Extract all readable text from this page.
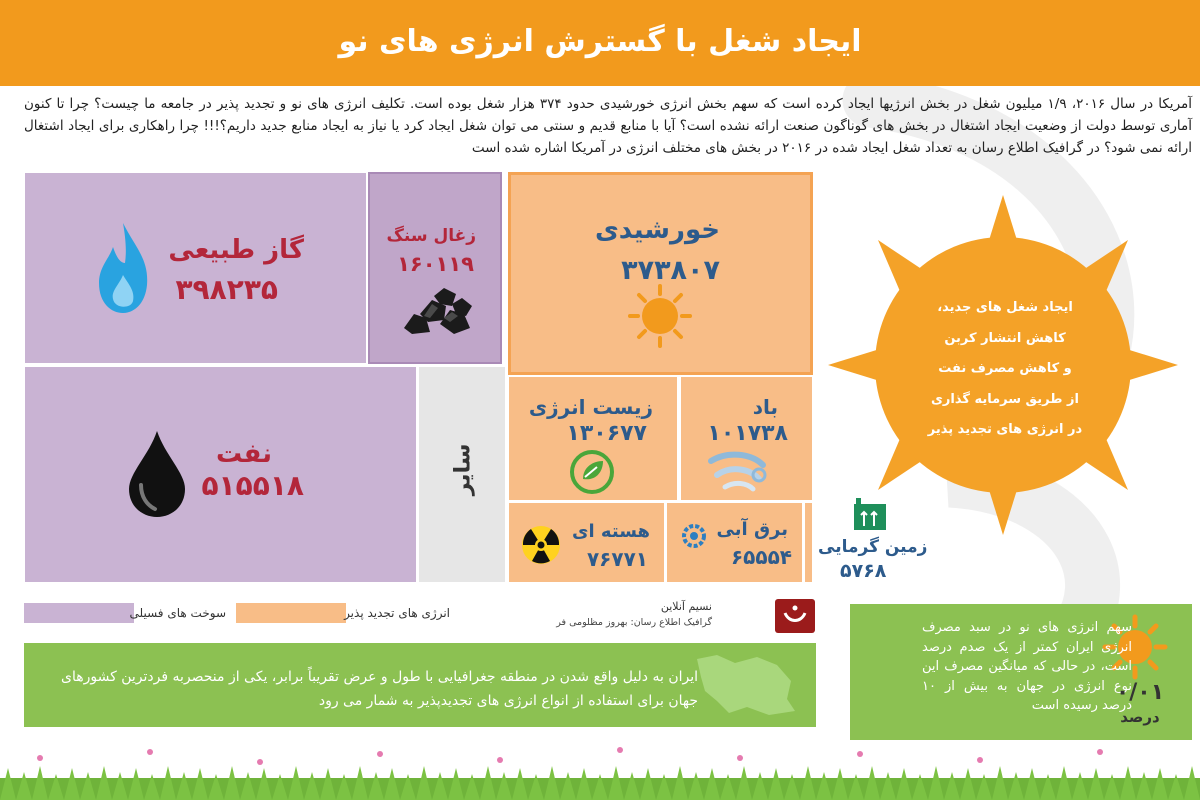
ایجاد شغل با گسترش انرژی های نو
آمریکا در سال ۲۰۱۶، ۱/۹ میلیون شغل در بخش انرژیها ایجاد کرده است که سهم بخش انرژی خورشیدی حدود ۳۷۴ هزار شغل بوده است. تکلیف انرژی های نو و تجدید پذیر در جامعه ما چیست؟ چرا تا کنون آماری توسط دولت از وضعیت ایجاد اشتغال در بخش های گوناگون صنعت ارائه نشده است؟ آیا با منابع قدیم و سنتی می توان شغل ایجاد کرد یا نیاز به ایجاد منابع جدید داریم؟!!! چرا راهکاری برای ایجاد اشتغال ارائه نمی شود؟ در گرافیک اطلاع رسان به تعداد شغل ایجاد شده در ۲۰۱۶ در بخش های مختلف انرژی در آمریکا اشاره شده است
گاز طبیعی
۳۹۸۲۳۵
زغال سنگ
۱۶۰۱۱۹
نفت
۵۱۵۵۱۸	سایر
خورشیدی
۳۷۳۸۰۷
زیست انرژی
۱۳۰۶۷۷
باد
۱۰۱۷۳۸
هسته ای
۷۶۷۷۱
برق آبی
۶۵۵۵۴ زمین گرمایی
۵۷۶۸
سوخت های فسیلی	انرژی های تجدید پذیر	نسیم آنلاین
گرافیک اطلاع رسان: بهروز مظلومی فر
ایران به دلیل واقع شدن در منطقه جغرافیایی با طول و عرض تقریباً برابر، یکی از منحصربه فردترین کشورهای جهان برای استفاده از انواع انرژی های تجدیدپذیر به شمار می رود
ایجاد شغل های جدید،
کاهش انتشار کربن
و کاهش مصرف نفت
از طریق سرمایه گذاری
در انرژی های تجدید پذیر
سهم انرژی های نو در سبد مصرف انرژی ایران کمتر از یک صدم درصد است، در حالی که میانگین مصرف این نوع انرژی در جهان به بیش از ۱۰ درصد رسیده است
۰/۰۱
درصد
